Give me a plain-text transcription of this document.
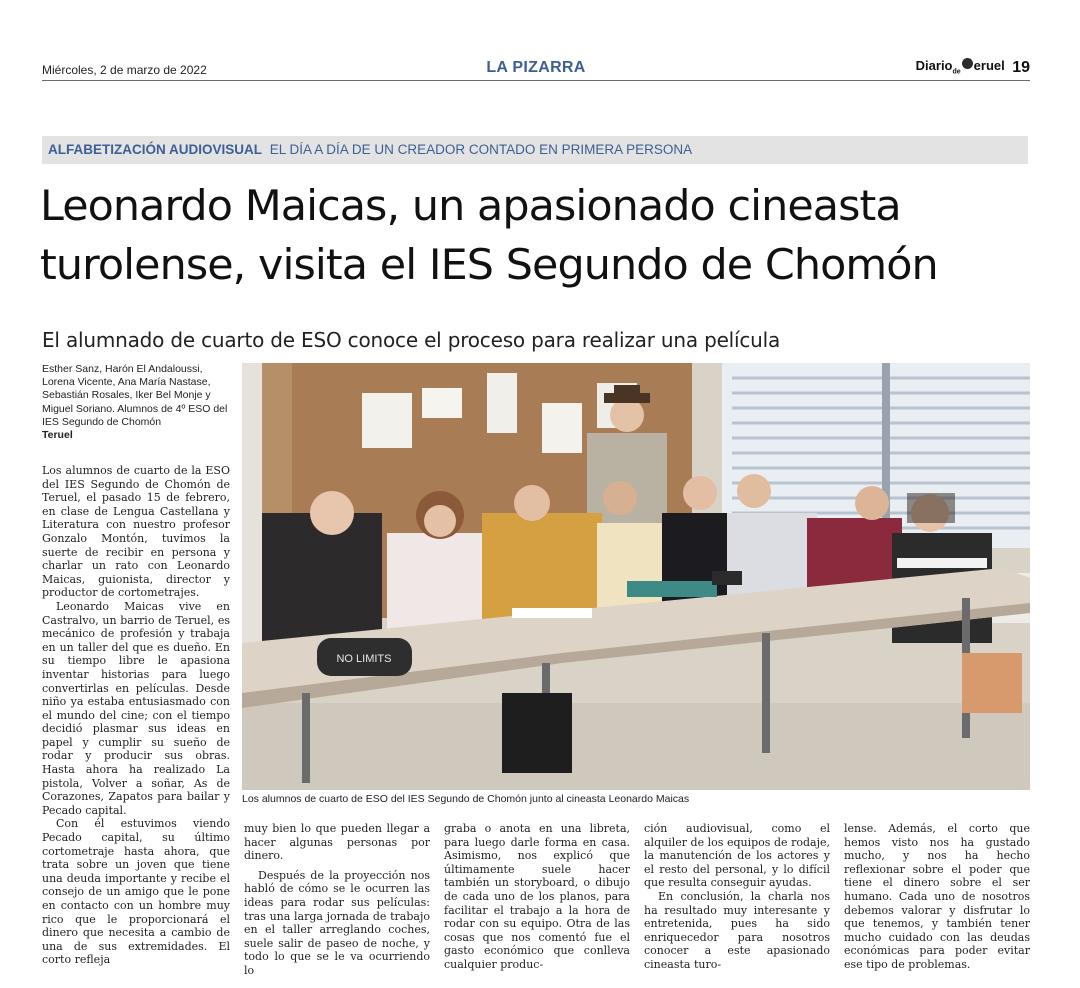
Miércoles, 2 de marzo de 2022	LA PIZARRA	Diario$_{de}$ eruel 19
ALFABETIZACIÓN AUDIOVISUAL EL DÍA A DÍA DE UN CREADOR CONTADO EN PRIMERA PERSONA
Leonardo Maicas, un apasionado cineasta turolense, visita el IES Segundo de Chomón
El alumnado de cuarto de ESO conoce el proceso para realizar una película
Esther Sanz, Harón El Andaloussi, Lorena Vicente, Ana María Nastase, Sebastián Rosales, Iker Bel Monje y Miguel Soriano. Alumnos de 4º ESO del IES Segundo de Chomón
Teruel

Los alumnos de cuarto de la ESO del IES Segundo de Chomón de Teruel, el pasado 15 de febrero, en clase de Lengua Castellana y Literatura con nuestro profesor Gonzalo Montón, tuvimos la suerte de recibir en persona y charlar un rato con Leonardo Maicas, guionista, director y productor de cortometrajes.

Leonardo Maicas vive en Castralvo, un barrio de Teruel, es mecánico de profesión y trabaja en un taller del que es dueño. En su tiempo libre le apasiona inventar historias para luego convertirlas en películas. Desde niño ya estaba entusiasmado con el mundo del cine; con el tiempo decidió plasmar sus ideas en papel y cumplir su sueño de rodar y producir sus obras. Hasta ahora ha realizado La pistola, Volver a soñar, As de Corazones, Zapatos para bailar y Pecado capital.

Con él estuvimos viendo Pecado capital, su último cortometraje hasta ahora, que trata sobre un joven que tiene una deuda importante y recibe el consejo de un amigo que le pone en contacto con un hombre muy rico que le proporcionará el dinero que necesita a cambio de una de sus extremidades. El corto refleja

NO LIMITS
Los alumnos de cuarto de ESO del IES Segundo de Chomón junto al cineasta Leonardo Maicas

muy bien lo que pueden llegar a hacer algunas personas por dinero.

Después de la proyección nos habló de cómo se le ocurren las ideas para rodar sus películas: tras una larga jornada de trabajo en el taller arreglando coches, suele salir de paseo de noche, y todo lo que se le va ocurriendo lo

graba o anota en una libreta, para luego darle forma en casa. Asimismo, nos explicó que últimamente suele hacer también un storyboard, o dibujo de cada uno de los planos, para facilitar el trabajo a la hora de rodar con su equipo. Otra de las cosas que nos comentó fue el gasto económico que conlleva cualquier produc-

ción audiovisual, como el alquiler de los equipos de rodaje, la manutención de los actores y el resto del personal, y lo difícil que resulta conseguir ayudas.

En conclusión, la charla nos ha resultado muy interesante y entretenida, pues ha sido enriquecedor para nosotros conocer a este apasionado cineasta turo-

lense. Además, el corto que hemos visto nos ha gustado mucho, y nos ha hecho reflexionar sobre el poder que tiene el dinero sobre el ser humano. Cada uno de nosotros debemos valorar y disfrutar lo que tenemos, y también tener mucho cuidado con las deudas económicas para poder evitar ese tipo de problemas.
